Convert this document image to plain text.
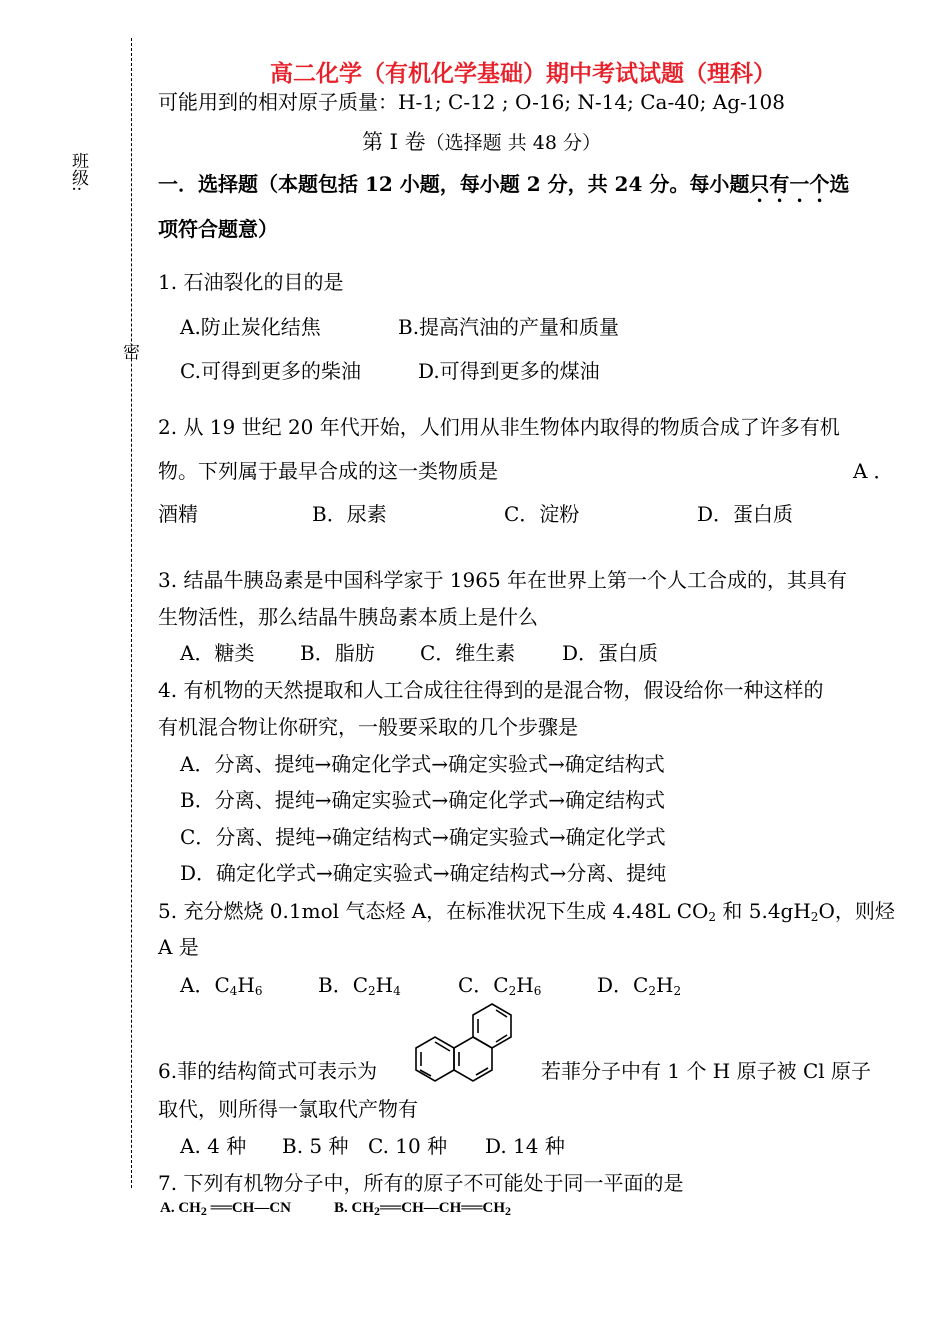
班级:
密
高二化学（有机化学基础）期中考试试题（理科）
可能用到的相对原子质量：H-1; C-12 ; O-16; N-14; Ca-40; Ag-108
第 Ⅰ 卷（选择题 共 48 分）
一．选择题（本题包括 12 小题，每小题 2 分，共 24 分。每小题只有一个选
项符合题意）
1. 石油裂化的目的是
A.防止炭化结焦	B.提高汽油的产量和质量
C.可得到更多的柴油	D.可得到更多的煤油
2. 从 19 世纪 20 年代开始，人们用从非生物体内取得的物质合成了许多有机
物。下列属于最早合成的这一类物质是	A．
酒精	B．尿素	C．淀粉	D．蛋白质
3. 结晶牛胰岛素是中国科学家于 1965 年在世界上第一个人工合成的，其具有
生物活性，那么结晶牛胰岛素本质上是什么
A．糖类 B．脂肪 C．维生素 D．蛋白质
4. 有机物的天然提取和人工合成往往得到的是混合物，假设给你一种这样的
有机混合物让你研究，一般要采取的几个步骤是
A．分离、提纯→确定化学式→确定实验式→确定结构式
B．分离、提纯→确定实验式→确定化学式→确定结构式
C．分离、提纯→确定结构式→确定实验式→确定化学式
D．确定化学式→确定实验式→确定结构式→分离、提纯
5. 充分燃烧 0.1mol 气态烃 A，在标准状况下生成 4.48L $CO_2$ 和 $5.4gH_2O$，则烃
A 是
A．$C_4H_6$	B．$C_2H_4$	C．$C_2H_6$	D．$C_2H_2$
6.菲的结构简式可表示为	若菲分子中有 1 个 H 原子被 Cl 原子
取代，则所得一氯取代产物有
A. 4 种 B. 5 种 C. 10 种 D. 14 种
7. 下列有机物分子中，所有的原子不可能处于同一平面的是
A. $CH_2$ ══CH—CN	B. $CH_2══CH—CH══CH_2$
